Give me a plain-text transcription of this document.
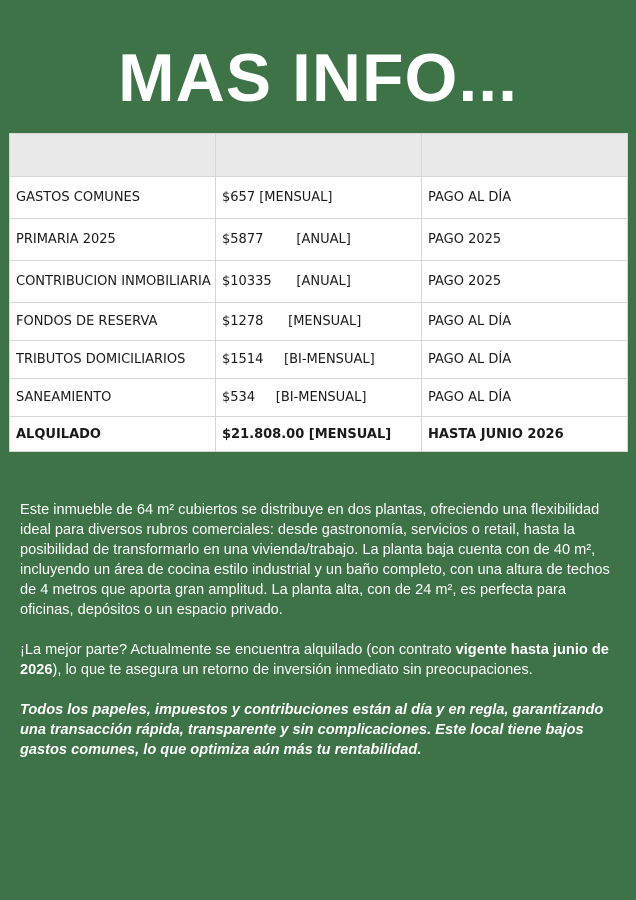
MAS INFO...

GASTOS COMUNES	$657 [MENSUAL]	PAGO AL DÍA
PRIMARIA 2025	$5877        [ANUAL]	PAGO 2025
CONTRIBUCION INMOBILIARIA	$10335      [ANUAL]	PAGO 2025
FONDOS DE RESERVA	$1278      [MENSUAL]	PAGO AL DÍA
TRIBUTOS DOMICILIARIOS	$1514     [BI-MENSUAL]	PAGO AL DÍA
SANEAMIENTO	$534     [BI-MENSUAL]	PAGO AL DÍA
ALQUILADO	$21.808.00 [MENSUAL]	HASTA JUNIO 2026

Este inmueble de 64 m² cubiertos se distribuye en dos plantas, ofreciendo una flexibilidad ideal para diversos rubros comerciales: desde gastronomía, servicios o retail, hasta la posibilidad de transformarlo en una vivienda/trabajo. La planta baja cuenta con de 40 m², incluyendo un área de cocina estilo industrial y un baño completo, con una altura de techos de 4 metros que aporta gran amplitud. La planta alta, con de 24 m², es perfecta para oficinas, depósitos o un espacio privado.

¡La mejor parte? Actualmente se encuentra alquilado (con contrato vigente hasta junio de 2026), lo que te asegura un retorno de inversión inmediato sin preocupaciones.

Todos los papeles, impuestos y contribuciones están al día y en regla, garantizando una transacción rápida, transparente y sin complicaciones. Este local tiene bajos gastos comunes, lo que optimiza aún más tu rentabilidad.
